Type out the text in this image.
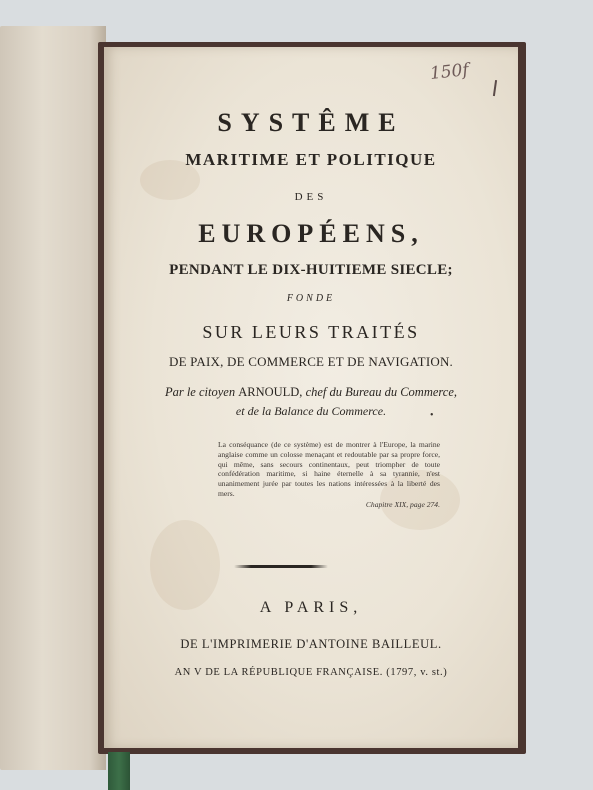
150f
SYSTÊME
MARITIME ET POLITIQUE
DES
EUROPÉENS,
PENDANT LE DIX-HUITIEME SIECLE;
FONDE
SUR LEURS TRAITÉS
DE PAIX, DE COMMERCE ET DE NAVIGATION.
Par le citoyen ARNOULD, chef du Bureau du Commerce,
et de la Balance du Commerce.	•
La conséquance (de ce système) est de montrer à l'Europe, la marine anglaise comme un colosse menaçant et redoutable par sa propre force, qui même, sans secours continentaux, peut triompher de toute confédération maritime, si haine éternelle à sa tyrannie, n'est unanimement jurée par toutes les nations intéressées à la liberté des mers.
Chapitre XIX, page 274.
A PARIS,
DE L'IMPRIMERIE D'ANTOINE BAILLEUL.
AN V DE LA RÉPUBLIQUE FRANÇAISE. (1797, v. st.)
